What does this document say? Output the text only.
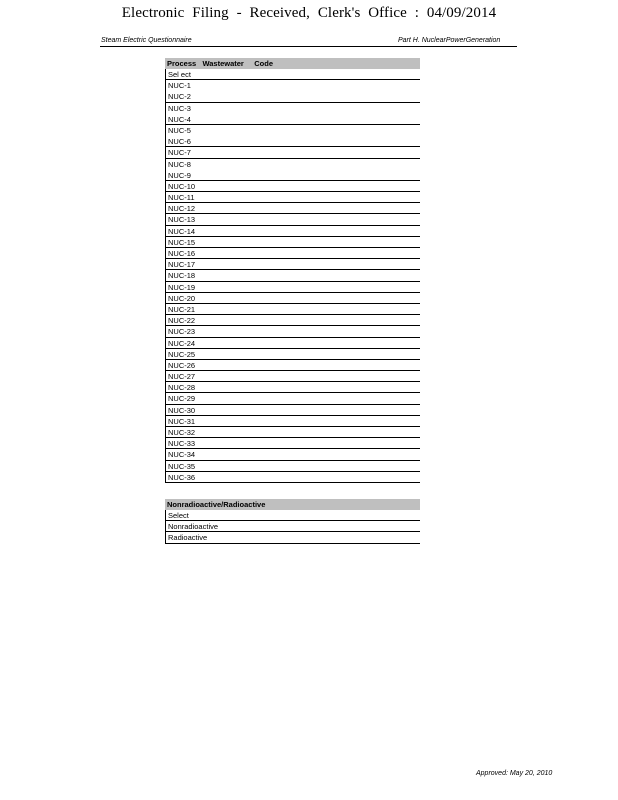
Electronic Filing - Received, Clerk's Office : 04/09/2014
Steam Electric Questionnaire	Part H. NuclearPowerGeneration
Process   Wastewater     Code
Sel ect
NUC-1
NUC-2
NUC-3
NUC-4
NUC-5
NUC-6
NUC-7
NUC-8
NUC-9
NUC-10
NUC-11
NUC-12
NUC-13
NUC-14
NUC-15
NUC-16
NUC-17
NUC-18
NUC-19
NUC-20
NUC-21
NUC-22
NUC-23
NUC-24
NUC-25
NUC-26
NUC-27
NUC-28
NUC-29
NUC-30
NUC-31
NUC-32
NUC-33
NUC-34
NUC-35
NUC-36
Nonradioactive/Radioactive
Select
Nonradioactive
Radioactive
Approved: May 20, 2010
